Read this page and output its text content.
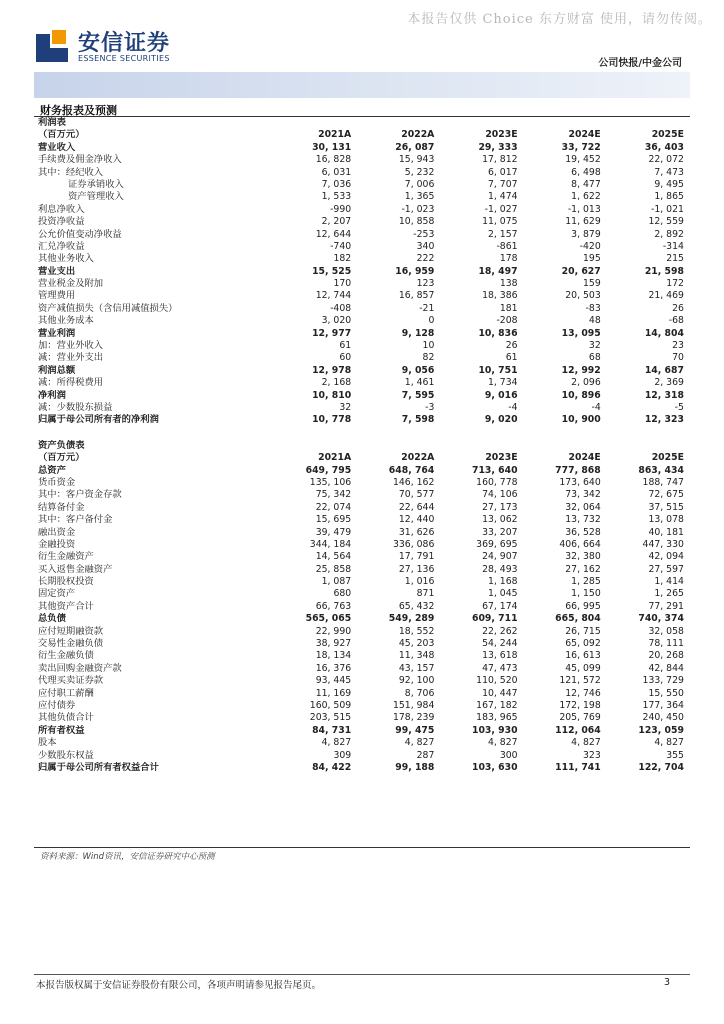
本报告仅供 Choice 东方财富 使用，请勿传阅。
安信证券
ESSENCE SECURITIES	公司快报/中金公司
财务报表及预测
利润表
（百万元）	2021A	2022A	2023E	2024E	2025E
营业收入	30, 131	26, 087	29, 333	33, 722	36, 403
手续费及佣金净收入	16, 828	15, 943	17, 812	19, 452	22, 072
其中：经纪收入	6, 031	5, 232	6, 017	6, 498	7, 473
证券承销收入	7, 036	7, 006	7, 707	8, 477	9, 495
资产管理收入	1, 533	1, 365	1, 474	1, 622	1, 865
利息净收入	-990	-1, 023	-1, 027	-1, 013	-1, 021
投资净收益	2, 207	10, 858	11, 075	11, 629	12, 559
公允价值变动净收益	12, 644	-253	2, 157	3, 879	2, 892
汇兑净收益	-740	340	-861	-420	-314
其他业务收入	182	222	178	195	215
营业支出	15, 525	16, 959	18, 497	20, 627	21, 598
营业税金及附加	170	123	138	159	172
管理费用	12, 744	16, 857	18, 386	20, 503	21, 469
资产减值损失（含信用减值损失）	-408	-21	181	-83	26
其他业务成本	3, 020	0	-208	48	-68
营业利润	12, 977	9, 128	10, 836	13, 095	14, 804
加：营业外收入	61	10	26	32	23
减：营业外支出	60	82	61	68	70
利润总额	12, 978	9, 056	10, 751	12, 992	14, 687
减：所得税费用	2, 168	1, 461	1, 734	2, 096	2, 369
净利润	10, 810	7, 595	9, 016	10, 896	12, 318
减：少数股东损益	32	-3	-4	-4	-5
归属于母公司所有者的净利润	10, 778	7, 598	9, 020	10, 900	12, 323
资产负债表
（百万元）	2021A	2022A	2023E	2024E	2025E
总资产	649, 795	648, 764	713, 640	777, 868	863, 434
货币资金	135, 106	146, 162	160, 778	173, 640	188, 747
其中：客户资金存款	75, 342	70, 577	74, 106	73, 342	72, 675
结算备付金	22, 074	22, 644	27, 173	32, 064	37, 515
其中：客户备付金	15, 695	12, 440	13, 062	13, 732	13, 078
融出资金	39, 479	31, 626	33, 207	36, 528	40, 181
金融投资	344, 184	336, 086	369, 695	406, 664	447, 330
衍生金融资产	14, 564	17, 791	24, 907	32, 380	42, 094
买入返售金融资产	25, 858	27, 136	28, 493	27, 162	27, 597
长期股权投资	1, 087	1, 016	1, 168	1, 285	1, 414
固定资产	680	871	1, 045	1, 150	1, 265
其他资产合计	66, 763	65, 432	67, 174	66, 995	77, 291
总负债	565, 065	549, 289	609, 711	665, 804	740, 374
应付短期融资款	22, 990	18, 552	22, 262	26, 715	32, 058
交易性金融负债	38, 927	45, 203	54, 244	65, 092	78, 111
衍生金融负债	18, 134	11, 348	13, 618	16, 613	20, 268
卖出回购金融资产款	16, 376	43, 157	47, 473	45, 099	42, 844
代理买卖证券款	93, 445	92, 100	110, 520	121, 572	133, 729
应付职工薪酬	11, 169	8, 706	10, 447	12, 746	15, 550
应付债券	160, 509	151, 984	167, 182	172, 198	177, 364
其他负债合计	203, 515	178, 239	183, 965	205, 769	240, 450
所有者权益	84, 731	99, 475	103, 930	112, 064	123, 059
股本	4, 827	4, 827	4, 827	4, 827	4, 827
少数股东权益	309	287	300	323	355
归属于母公司所有者权益合计	84, 422	99, 188	103, 630	111, 741	122, 704
资料来源：Wind资讯，安信证券研究中心预测
本报告版权属于安信证券股份有限公司，各项声明请参见报告尾页。	3
